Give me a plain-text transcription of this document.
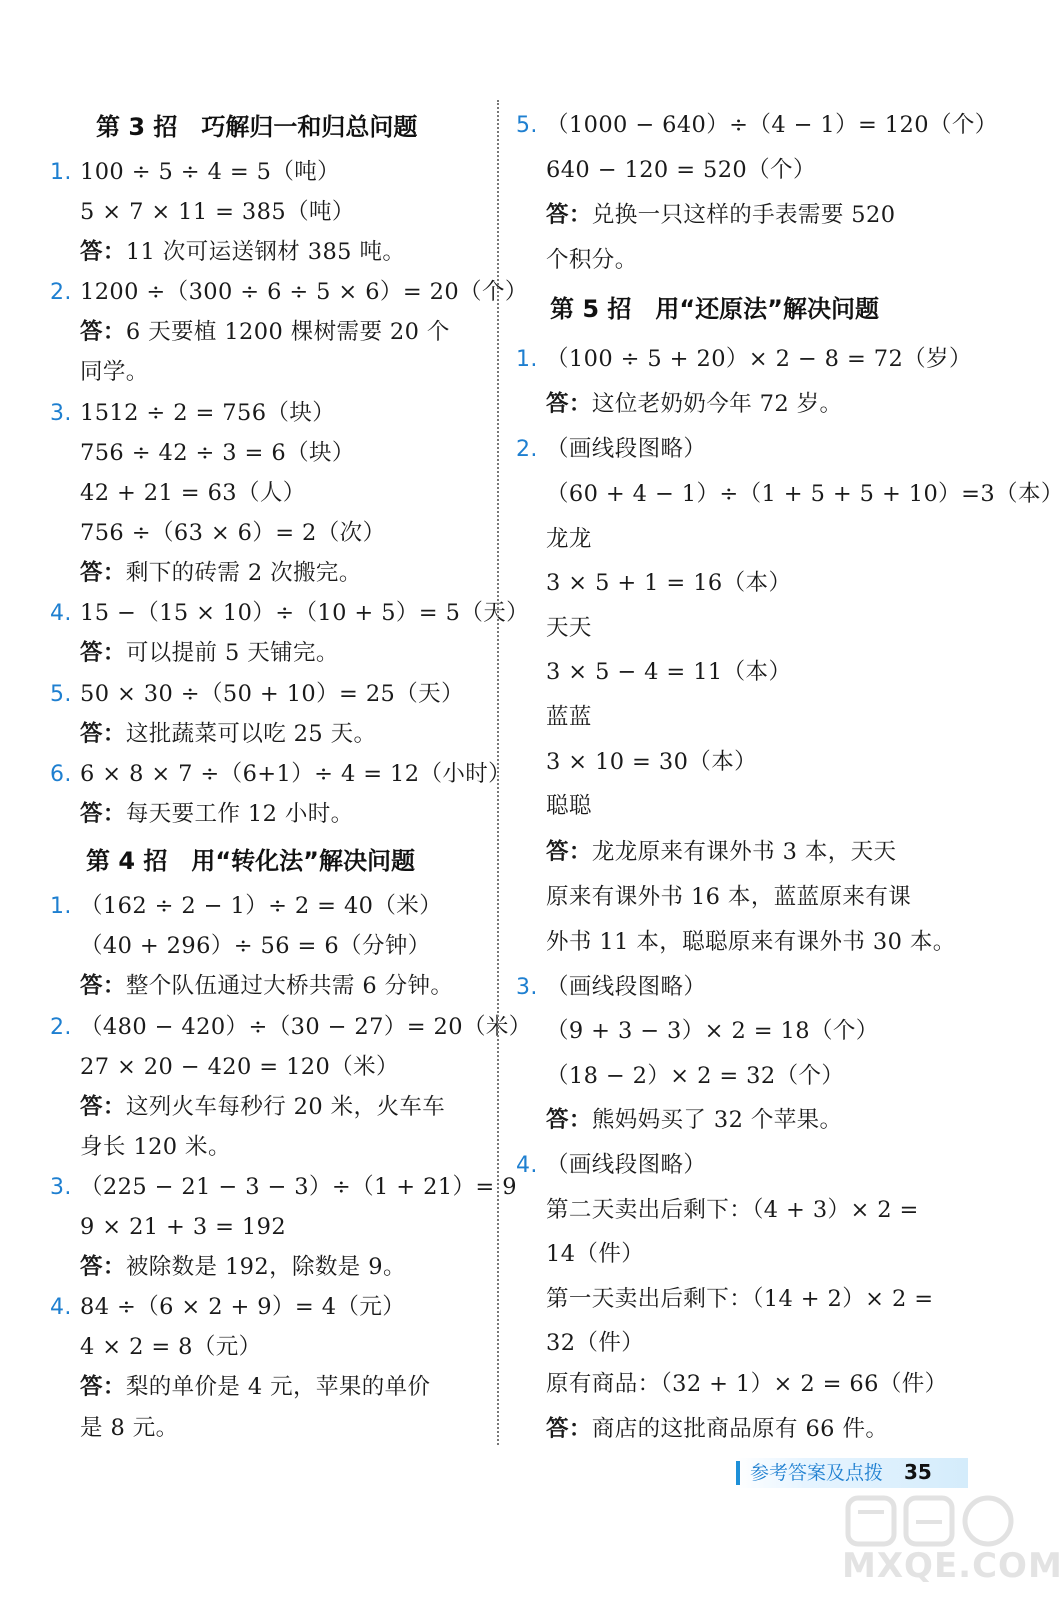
第 3 招　巧解归一和归总问题
1. 100 ÷ 5 ÷ 4 = 5（吨）
5 × 7 × 11 = 385（吨）
答：11 次可运送钢材 385 吨。
2. 1200 ÷（300 ÷ 6 ÷ 5 × 6）= 20（个）
答：6 天要植 1200 棵树需要 20 个
同学。
3. 1512 ÷ 2 = 756（块）
756 ÷ 42 ÷ 3 = 6（块）
42 + 21 = 63（人）
756 ÷（63 × 6）= 2（次）
答：剩下的砖需 2 次搬完。
4. 15 −（15 × 10）÷（10 + 5）= 5（天）
答：可以提前 5 天铺完。
5. 50 × 30 ÷（50 + 10）= 25（天）
答：这批蔬菜可以吃 25 天。
6. 6 × 8 × 7 ÷（6+1）÷ 4 = 12（小时）
答：每天要工作 12 小时。
第 4 招　用“转化法”解决问题
1. （162 ÷ 2 − 1）÷ 2 = 40（米）
（40 + 296）÷ 56 = 6（分钟）
答：整个队伍通过大桥共需 6 分钟。
2. （480 − 420）÷（30 − 27）= 20（米）
27 × 20 − 420 = 120（米）
答：这列火车每秒行 20 米，火车车
身长 120 米。
3. （225 − 21 − 3 − 3）÷（1 + 21）= 9
9 × 21 + 3 = 192
答：被除数是 192，除数是 9。
4. 84 ÷（6 × 2 + 9）= 4（元）
4 × 2 = 8（元）
答：梨的单价是 4 元，苹果的单价
是 8 元。
5. （1000 − 640）÷（4 − 1）= 120（个）
640 − 120 = 520（个）
答：兑换一只这样的手表需要 520
个积分。
第 5 招　用“还原法”解决问题
1. （100 ÷ 5 + 20）× 2 − 8 = 72（岁）
答：这位老奶奶今年 72 岁。
2. （画线段图略）
（60 + 4 − 1）÷（1 + 5 + 5 + 10）=3（本）
龙龙
3 × 5 + 1 = 16（本）
天天
3 × 5 − 4 = 11（本）
蓝蓝
3 × 10 = 30（本）
聪聪
答：龙龙原来有课外书 3 本，天天
原来有课外书 16 本，蓝蓝原来有课
外书 11 本，聪聪原来有课外书 30 本。
3. （画线段图略）
（9 + 3 − 3）× 2 = 18（个）
（18 − 2）× 2 = 32（个）
答：熊妈妈买了 32 个苹果。
4. （画线段图略）
第二天卖出后剩下：（4 + 3）× 2 =
14（件）
第一天卖出后剩下：（14 + 2）× 2 =
32（件）
原有商品：（32 + 1）× 2 = 66（件）
答：商店的这批商品原有 66 件。
参考答案及点拨 35
MXQE.COM
